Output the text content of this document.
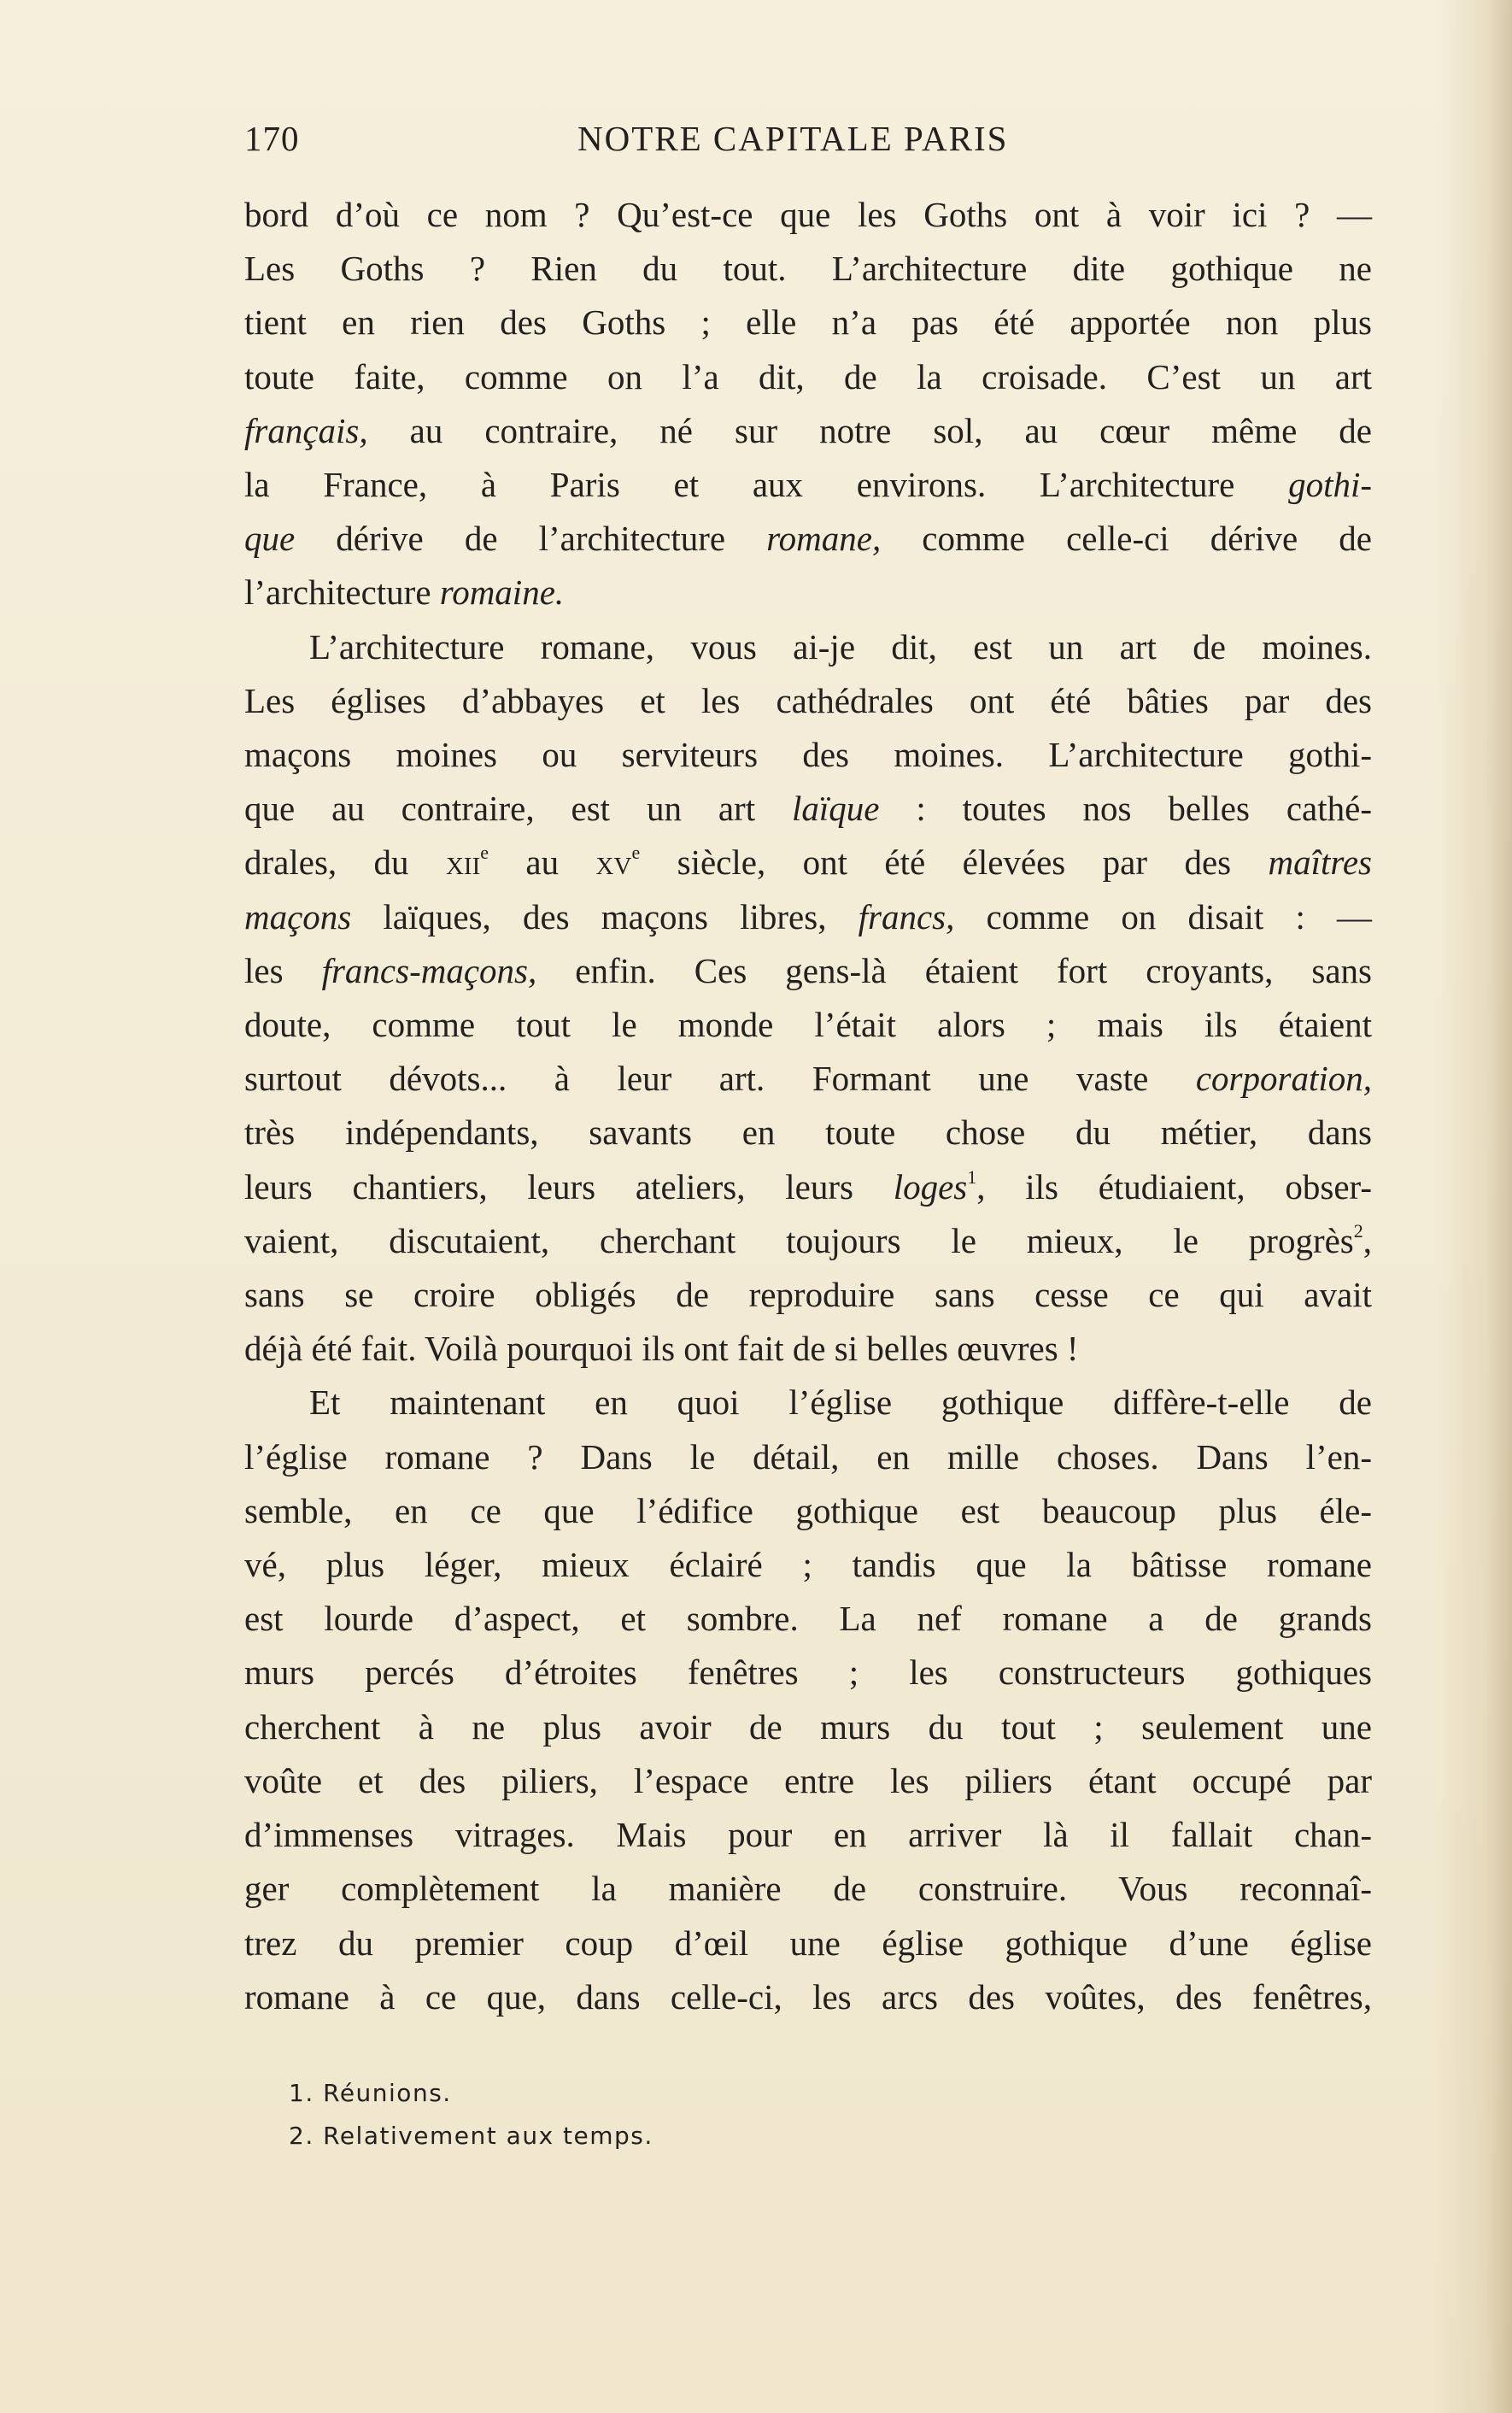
170	NOTRE CAPITALE PARIS
bord d’où ce nom ? Qu’est-ce que les Goths ont à voir ici ? —
Les Goths ? Rien du tout. L’architecture dite gothique ne
tient en rien des Goths ; elle n’a pas été apportée non plus
toute faite, comme on l’a dit, de la croisade. C’est un art
français, au contraire, né sur notre sol, au cœur même de
la France, à Paris et aux environs. L’architecture gothi-
que dérive de l’architecture romane, comme celle-ci dérive de
l’architecture romaine.
L’architecture romane, vous ai-je dit, est un art de moines.
Les églises d’abbayes et les cathédrales ont été bâties par des
maçons moines ou serviteurs des moines. L’architecture gothi-
que au contraire, est un art laïque : toutes nos belles cathé-
drales, du xii$^e$ au $xv^e$ siècle, ont été élevées par des maîtres
maçons laïques, des maçons libres, francs, comme on disait : —
les francs-maçons, enfin. Ces gens-là étaient fort croyants, sans
doute, comme tout le monde l’était alors ; mais ils étaient
surtout dévots... à leur art. Formant une vaste corporation,
très indépendants, savants en toute chose du métier, dans
leurs chantiers, leurs ateliers, leurs loges$^1$, ils étudiaient, obser-
vaient, discutaient, cherchant toujours le mieux, le progrès$^2$,
sans se croire obligés de reproduire sans cesse ce qui avait
déjà été fait. Voilà pourquoi ils ont fait de si belles œuvres !
Et maintenant en quoi l’église gothique diffère-t-elle de
l’église romane ? Dans le détail, en mille choses. Dans l’en-
semble, en ce que l’édifice gothique est beaucoup plus éle-
vé, plus léger, mieux éclairé ; tandis que la bâtisse romane
est lourde d’aspect, et sombre. La nef romane a de grands
murs percés d’étroites fenêtres ; les constructeurs gothiques
cherchent à ne plus avoir de murs du tout ; seulement une
voûte et des piliers, l’espace entre les piliers étant occupé par
d’immenses vitrages. Mais pour en arriver là il fallait chan-
ger complètement la manière de construire. Vous reconnaî-
trez du premier coup d’œil une église gothique d’une église
romane à ce que, dans celle-ci, les arcs des voûtes, des fenêtres,
1. Réunions.
2. Relativement aux temps.
